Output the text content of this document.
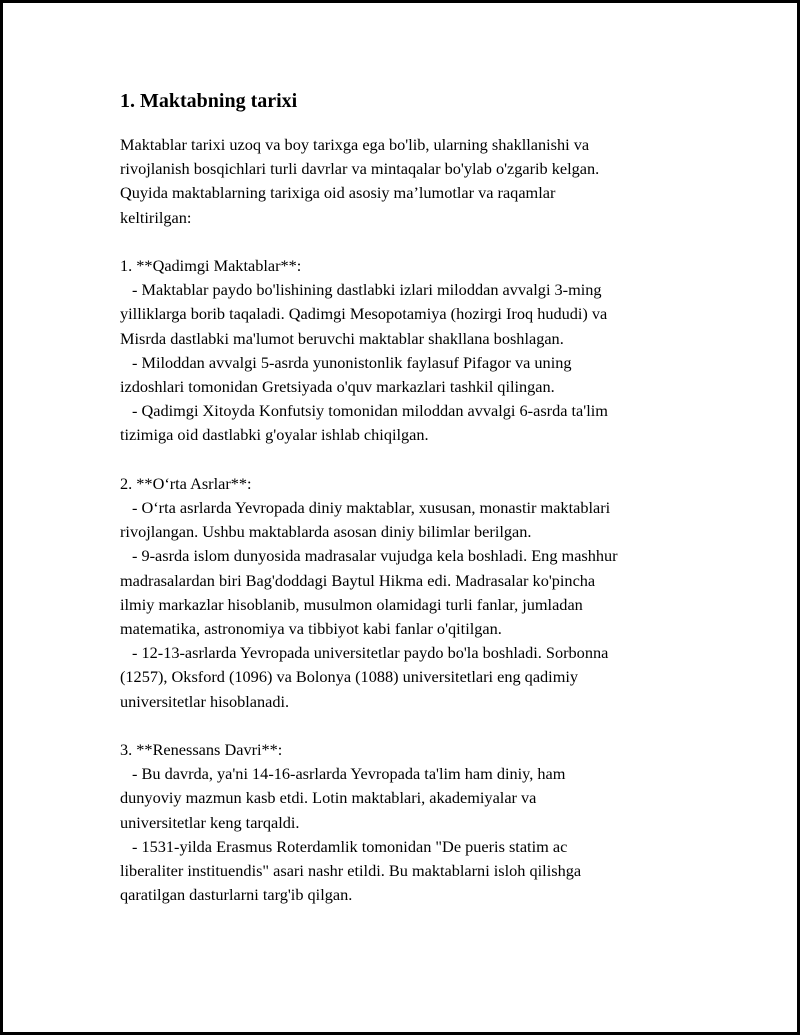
1. Maktabning tarixi

Maktablar tarixi uzoq va boy tarixga ega bo'lib, ularning shakllanishi va
rivojlanish bosqichlari turli davrlar va mintaqalar bo'ylab o'zgarib kelgan.
Quyida maktablarning tarixiga oid asosiy ma’lumotlar va raqamlar
keltirilgan:

1. **Qadimgi Maktablar**:
- Maktablar paydo bo'lishining dastlabki izlari miloddan avvalgi 3-ming

yilliklarga borib taqaladi. Qadimgi Mesopotamiya (hozirgi Iroq hududi) va
Misrda dastlabki ma'lumot beruvchi maktablar shakllana boshlagan.
- Miloddan avvalgi 5-asrda yunonistonlik faylasuf Pifagor va uning
izdoshlari tomonidan Gretsiyada o'quv markazlari tashkil qilingan.
- Qadimgi Xitoyda Konfutsiy tomonidan miloddan avvalgi 6-asrda ta'lim
tizimiga oid dastlabki g'oyalar ishlab chiqilgan.
2. **O‘rta Asrlar**:
- O‘rta asrlarda Yevropada diniy maktablar, xususan, monastir maktablari
rivojlangan. Ushbu maktablarda asosan diniy bilimlar berilgan.
- 9-asrda islom dunyosida madrasalar vujudga kela boshladi. Eng mashhur
madrasalardan biri Bag'doddagi Baytul Hikma edi. Madrasalar ko'pincha
ilmiy markazlar hisoblanib, musulmon olamidagi turli fanlar, jumladan
matematika, astronomiya va tibbiyot kabi fanlar o'qitilgan.
- 12-13-asrlarda Yevropada universitetlar paydo bo'la boshladi. Sorbonna
(1257), Oksford (1096) va Bolonya (1088) universitetlari eng qadimiy
universitetlar hisoblanadi.
3. **Renessans Davri**:
- Bu davrda, ya'ni 14-16-asrlarda Yevropada ta'lim ham diniy, ham
dunyoviy mazmun kasb etdi. Lotin maktablari, akademiyalar va
universitetlar keng tarqaldi.
- 1531-yilda Erasmus Roterdamlik tomonidan "De pueris statim ac
liberaliter instituendis" asari nashr etildi. Bu maktablarni isloh qilishga
qaratilgan dasturlarni targ'ib qilgan.
